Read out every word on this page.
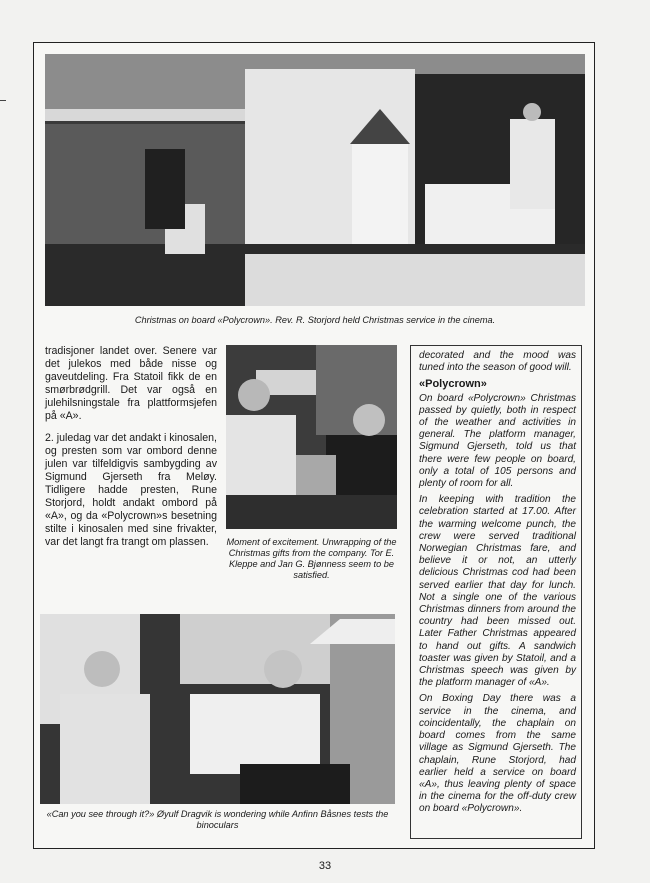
Christmas on board «Polycrown». Rev. R. Storjord held Christmas service in the cinema.
Moment of excitement. Unwrapping of the Christmas gifts from the company. Tor E. Kleppe and Jan G. Bjønness seem to be satisfied.

tradisjoner landet over. Senere var det julekos med både nisse og gaveutdeling. Fra Statoil fikk de en smørbrødgrill. Det var også en julehilsningstale fra plattformsjefen på «A».

2. juledag var det andakt i kinosalen, og presten som var ombord denne julen var tilfeldigvis sambygding av Sigmund Gjerseth fra Meløy. Tidligere hadde presten, Rune Storjord, holdt andakt ombord på «A», og da «Polycrown»s besetning stilte i kinosalen med sine frivakter, var det langt fra trangt om plassen.

decorated and the mood was tuned into the season of good will.

«Polycrown»

On board «Polycrown» Christmas passed by quietly, both in respect of the weather and activities in general. The platform manager, Sigmund Gjerseth, told us that there were few people on board, only a total of 105 persons and plenty of room for all.

In keeping with tradition the celebration started at 17.00. After the warming welcome punch, the crew were served traditional Norwegian Christmas fare, and believe it or not, an utterly delicious Christmas cod had been served earlier that day for lunch. Not a single one of the various Christmas dinners from around the country had been missed out. Later Father Christmas appeared to hand out gifts. A sandwich toaster was given by Statoil, and a Christmas speech was given by the platform manager of «A».

On Boxing Day there was a service in the cinema, and coincidentally, the chaplain on board comes from the same village as Sigmund Gjerseth. The chaplain, Rune Storjord, had earlier held a service on board «A», thus leaving plenty of space in the cinema for the off-duty crew on board «Polycrown».

«Can you see through it?» Øyulf Dragvik is wondering while Anfinn Båsnes tests the binoculars
33
